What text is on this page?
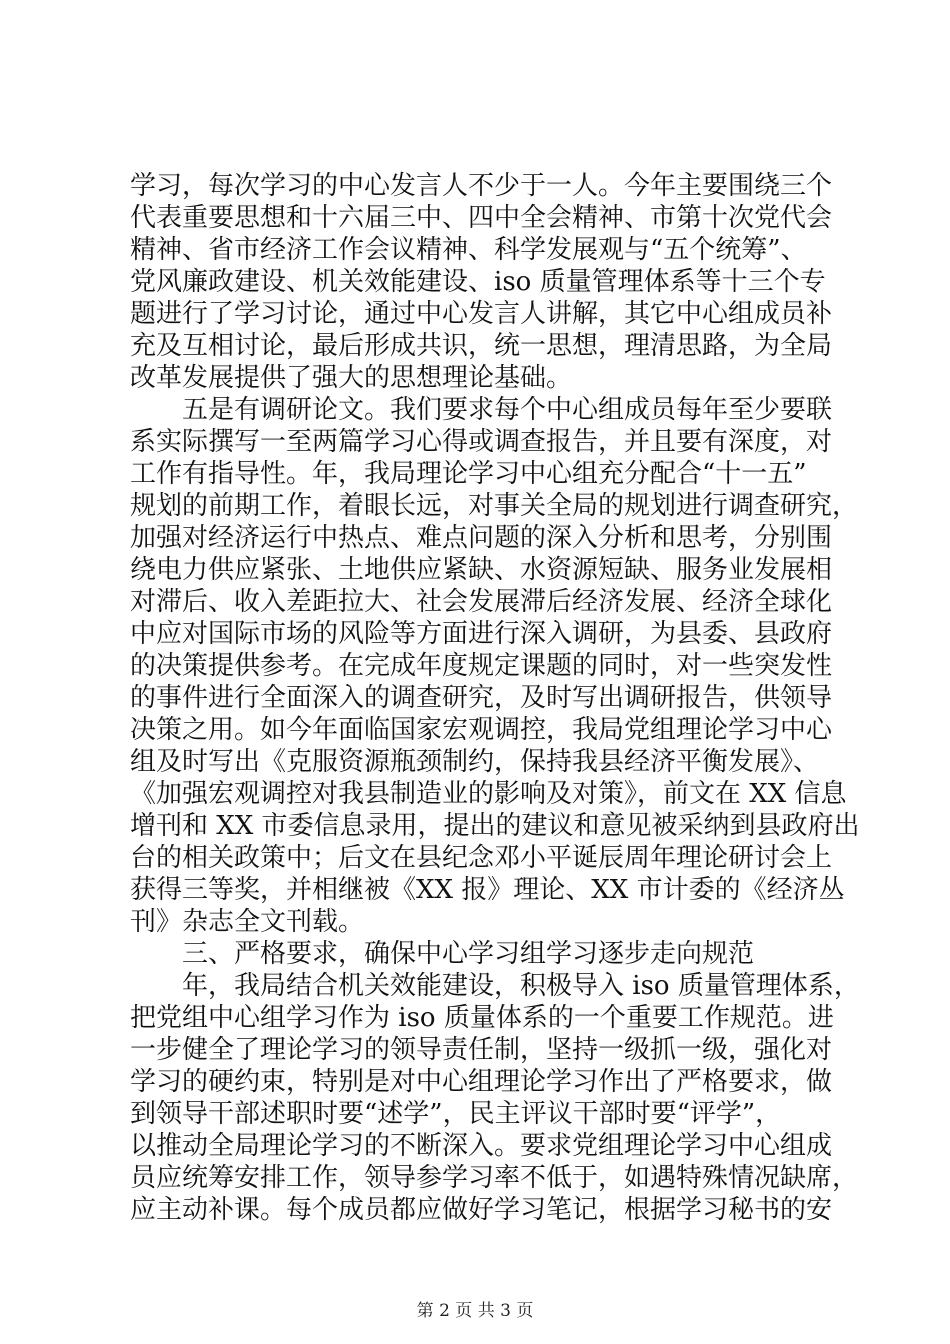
学习，每次学习的中心发言人不少于一人。今年主要围绕三个
代表重要思想和十六届三中、四中全会精神、市第十次党代会
精神、省市经济工作会议精神、科学发展观与“五个统筹”、
党风廉政建设、机关效能建设、iso 质量管理体系等十三个专
题进行了学习讨论，通过中心发言人讲解，其它中心组成员补
充及互相讨论，最后形成共识，统一思想，理清思路，为全局
改革发展提供了强大的思想理论基础。
　　五是有调研论文。我们要求每个中心组成员每年至少要联
系实际撰写一至两篇学习心得或调查报告，并且要有深度，对
工作有指导性。年，我局理论学习中心组充分配合“十一五”
规划的前期工作，着眼长远，对事关全局的规划进行调查研究，
加强对经济运行中热点、难点问题的深入分析和思考，分别围
绕电力供应紧张、土地供应紧缺、水资源短缺、服务业发展相
对滞后、收入差距拉大、社会发展滞后经济发展、经济全球化
中应对国际市场的风险等方面进行深入调研，为县委、县政府
的决策提供参考。在完成年度规定课题的同时，对一些突发性
的事件进行全面深入的调查研究，及时写出调研报告，供领导
决策之用。如今年面临国家宏观调控，我局党组理论学习中心
组及时写出《克服资源瓶颈制约，保持我县经济平衡发展》、
《加强宏观调控对我县制造业的影响及对策》，前文在 XX 信息
增刊和 XX 市委信息录用，提出的建议和意见被采纳到县政府出
台的相关政策中；后文在县纪念邓小平诞辰周年理论研讨会上
获得三等奖，并相继被《XX 报》理论、XX 市计委的《经济丛
刊》杂志全文刊载。
　　三、严格要求，确保中心学习组学习逐步走向规范
　　年，我局结合机关效能建设，积极导入 iso 质量管理体系，
把党组中心组学习作为 iso 质量体系的一个重要工作规范。进
一步健全了理论学习的领导责任制，坚持一级抓一级，强化对
学习的硬约束，特别是对中心组理论学习作出了严格要求，做
到领导干部述职时要“述学”，民主评议干部时要“评学”，
以推动全局理论学习的不断深入。要求党组理论学习中心组成
员应统筹安排工作，领导参学习率不低于，如遇特殊情况缺席，
应主动补课。每个成员都应做好学习笔记，根据学习秘书的安
第 2 页 共 3 页
